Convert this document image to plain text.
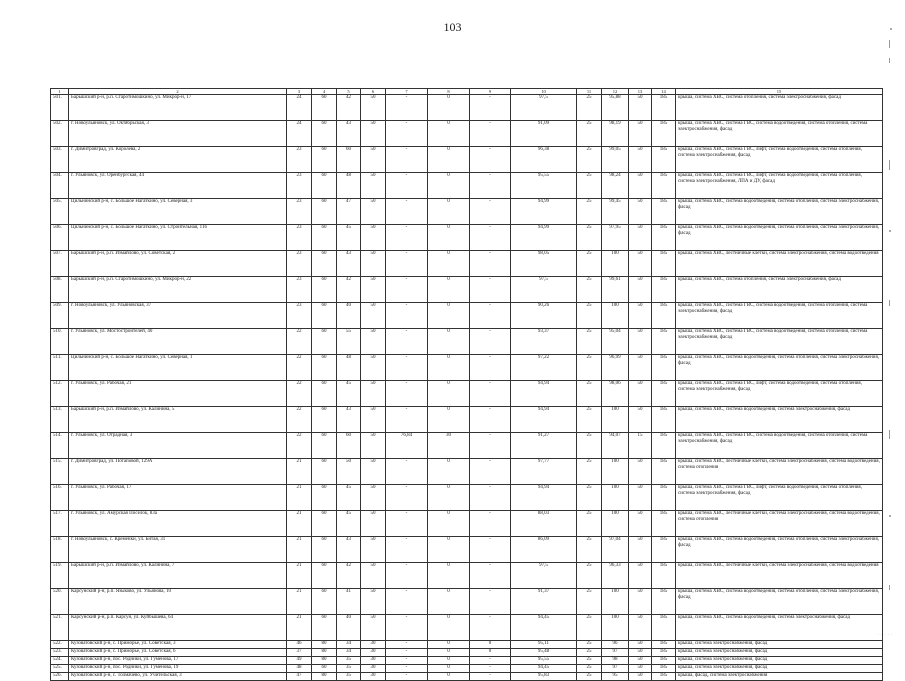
103
· · · · ·
1	2	3	4	5	6	7	8	9	10	11	12	13	14	15
501.	Барышский р-н, р.п. Старотимошкино, ул. Микрор-н, 17	24	60	42	50	-	0	-	97,5	25	95,88	50	185	крыша, система ХВС, система отопления, система электроснабжения, фасад
502.	г. Новоульяновск, ул. Октябрьская, 3	24	60	43	50	-	0	-	91,09	25	98,19	50	185	крыша, система ХВС, система ГВС, система водоотведения, система отопления, система электроснабжения, фасад
503.	г. Димитровград, ул. Королёва, 2	23	60	60	50	-	0	-	96,38	25	99,05	50	185	крыша, система ХВС, система ГВС, лифт, система водоотведения, система отопления, система электроснабжения, фасад
504.	г. Ульяновск, ул. Оренбургская, 44	23	60	48	50	-	0	-	95,55	25	98,24	50	185	крыша, система ХВС, система ГВС, лифт, система водоотведения, система отопления, система электроснабжения, ЛПА и ДУ, фасад
505.	Цильнинский р-н, с. Большое Нагаткино, ул. Северная, 3	23	60	47	50	-	0	-	94,99	25	99,45	50	185	крыша, система ХВС, система водоотведения, система отопления, система электроснабжения, фасад
506.	Цильнинский р-н, с. Большое Нагаткино, ул. Строительная, 11б	23	60	45	50	-	0	-	94,99	25	97,95	50	185	крыша, система ХВС, система водоотведения, система отопления, система электроснабжения, фасад
507.	Барышский р-н, р.п. Измайлово, ул. Советская, 2	23	60	43	50	-	0	-	98,05	25	100	50	185	крыша, система ХВС, лестничные клетки, система электроснабжения, система водоотведения
508.	Барышский р-н, р.п. Старотимошкино, ул. Микрор-н, 22	23	60	42	50	-	0	-	97,5	25	99,61	50	185	крыша, система ХВС, система отопления, система электроснабжения, фасад
509.	г. Новоульяновск, ул. Ульяновская, 37	23	60	40	50	-	0	-	90,26	25	100	50	185	крыша, система ХВС, система ГВС, система водоотведения, система отопления, система электроснабжения, фасад
510.	г. Ульяновск, ул. Мостостроителей, 40	22	60	55	50	-	0	-	93,37	25	95,04	50	185	крыша, система ХВС, система ГВС, система водоотведения, система отопления, система электроснабжения, фасад
511.	Цильнинский р-н, с. Большое Нагаткино, ул. Северная, 1	22	60	48	50	-	0	-	97,22	25	96,99	50	185	крыша, система ХВС, система водоотведения, система отопления, система электроснабжения, фасад
512.	г. Ульяновск, ул. Рабочая, 21	22	60	45	50	-	0	-	94,94	25	98,06	50	185	крыша, система ХВС, система ГВС, лифт, система водоотведения, система отопления, система электроснабжения, фасад
513.	Барышский р-н, р.п. Измайлово, ул. Калинина, 5	22	60	43	50	-	0	-	94,94	25	100	50	185	крыша, система ХВС, система водоотведения, система электроснабжения, фасад
514.	г. Ульяновск, ул. Отрадная, 3	22	60	60	50	76,84	30	-	91,27	25	94,07	15	185	крыша, система ХВС, система ГВС, система водоотведения, система отопления, система электроснабжения, фасад
515.	г. Димитровград, ул. Потаповой, 129А	21	60	50	50	-	0	-	97,77	25	100	50	185	крыша, система ХВС, лестничные клетки, система электроснабжения, система водоотведения, система отопления
516.	г. Ульяновск, ул. Рабочая, 17	21	60	45	50	-	0	-	94,94	25	100	50	185	крыша, система ХВС, система ГВС, лифт, система водоотведения, система отопления, система электроснабжения, фасад
517.	г. Ульяновск, ул. Амурская Поселок, 83а	21	60	45	50	-	0	-	88,03	25	100	50	185	крыша, система ХВС, лестничные клетки, система электроснабжения, система водоотведения, система отопления
518.	г. Новоульяновск, с. Кремёнки, ул. Битая, 31	21	60	43	50	-	0	-	86,09	25	97,04	50	185	крыша, система ХВС, система водоотведения, система отопления, система электроснабжения, фасад
519.	Барышский р-н, р.п. Измайлово, ул. Калинина, 7	21	60	42	50	-	0	-	97,5	25	96,33	50	185	крыша, система ХВС, лестничные клетки, система электроснабжения, система водоотведения
520.	Карсунский р-н, р.п. Языково, ул. Ульянова, 10	21	60	41	50	-	0	-	91,37	25	100	50	185	крыша, система ХВС, система водоотведения, система отопления, система электроснабжения, фасад
521.	Карсунский р-н, р.п. Карсун, ул. Куйбышева, 64	21	60	40	50	-	0	-	94,45	25	100	50	185	крыша, система ХВС, система водоотведения, система электроснабжения, фасад
522.	Кузоватовский р-н, с. Приморье, ул. Советская, 3	46	80	34	30	-	0	0	95,11	25	96	50	185	крыша, система электроснабжения, фасад
523.	Кузоватовский р-н, с. Приморье, ул. Советская, 6	37	80	34	30	-	0	0	95,48	25	97	50	185	крыша, система электроснабжения, фасад
524.	Кузоватовский р-н, пос. Родники, ул. Гуменова, 17	49	80	35	30	-	0	-	95,55	25	98	50	185	крыша, система электроснабжения, фасад
525.	Кузоватовский р-н, пос. Родники, ул. Гуменова, 19	48	60	35	30	-	0	-	94,45	25	97	50	185	крыша, система электроснабжения, фасад
526.	Кузоватовский р-н, с. Толмачево, ул. Учительская, 3	47	80	35	30	-	0	-	95,83	25	95	50	185	крыша, фасад, система электроснабжения
